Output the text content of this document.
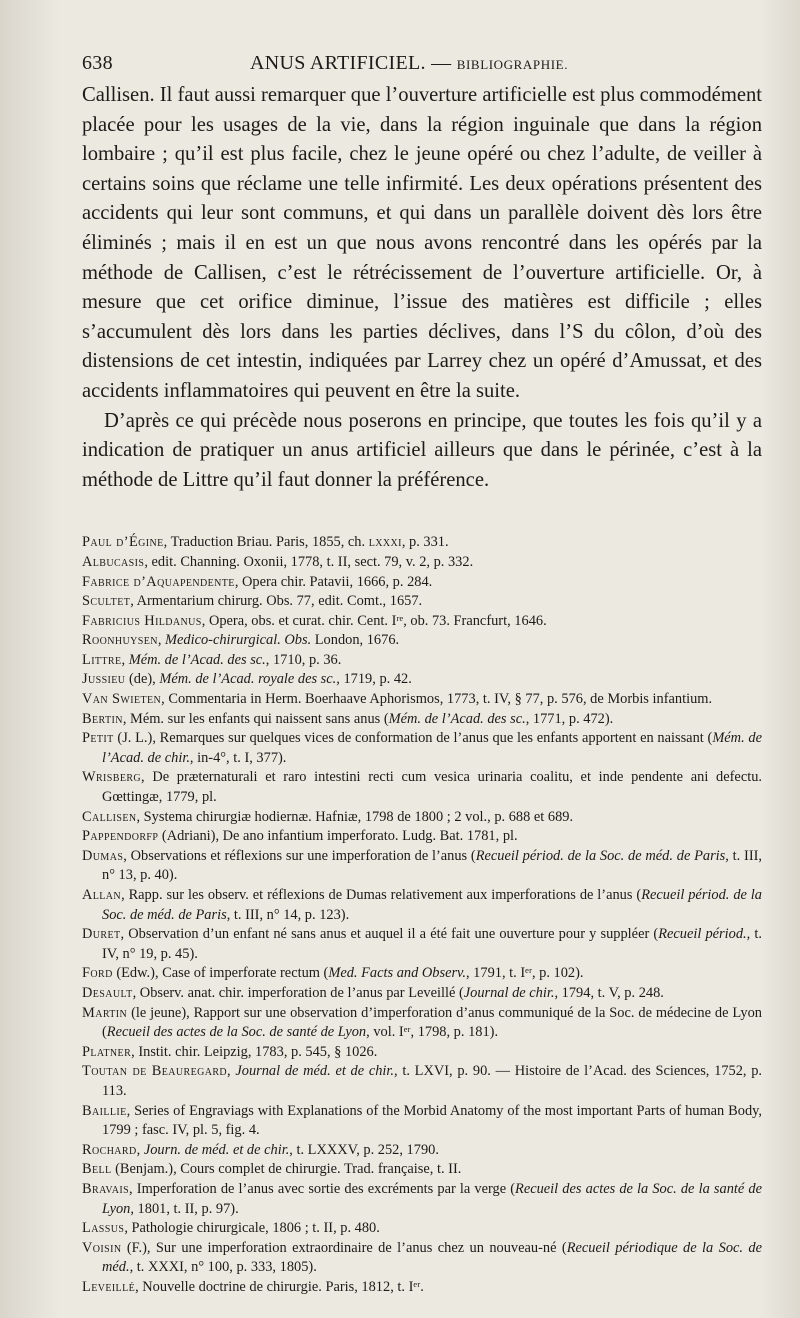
638	ANUS ARTIFICIEL. — BIBLIOGRAPHIE.

Callisen. Il faut aussi remarquer que l’ouverture artificielle est plus commodément placée pour les usages de la vie, dans la région inguinale que dans la région lombaire ; qu’il est plus facile, chez le jeune opéré ou chez l’adulte, de veiller à certains soins que réclame une telle infirmité. Les deux opérations présentent des accidents qui leur sont communs, et qui dans un parallèle doivent dès lors être éliminés ; mais il en est un que nous avons rencontré dans les opérés par la méthode de Callisen, c’est le rétrécissement de l’ouverture artificielle. Or, à mesure que cet orifice diminue, l’issue des matières est difficile ; elles s’accumulent dès lors dans les parties déclives, dans l’S du côlon, d’où des distensions de cet intestin, indiquées par Larrey chez un opéré d’Amussat, et des accidents inflammatoires qui peuvent en être la suite.

D’après ce qui précède nous poserons en principe, que toutes les fois qu’il y a indication de pratiquer un anus artificiel ailleurs que dans le périnée, c’est à la méthode de Littre qu’il faut donner la préférence.

Paul d’Égine, Traduction Briau. Paris, 1855, ch. lxxxi, p. 331.
Albucasis, edit. Channing. Oxonii, 1778, t. II, sect. 79, v. 2, p. 332.
Fabrice d’Aquapendente, Opera chir. Patavii, 1666, p. 284.
Scultet, Armentarium chirurg. Obs. 77, edit. Comt., 1657.
Fabricius Hildanus, Opera, obs. et curat. chir. Cent. Iʳᵉ, ob. 73. Francfurt, 1646.
Roonhuysen, Medico-chirurgical. Obs. London, 1676.
Littre, Mém. de l’Acad. des sc., 1710, p. 36.
Jussieu (de), Mém. de l’Acad. royale des sc., 1719, p. 42.
Van Swieten, Commentaria in Herm. Boerhaave Aphorismos, 1773, t. IV, § 77, p. 576, de Morbis infantium.
Bertin, Mém. sur les enfants qui naissent sans anus (Mém. de l’Acad. des sc., 1771, p. 472).
Petit (J. L.), Remarques sur quelques vices de conformation de l’anus que les enfants apportent en naissant (Mém. de l’Acad. de chir., in-4°, t. I, 377).
Wrisberg, De præternaturali et raro intestini recti cum vesica urinaria coalitu, et inde pendente ani defectu. Gœttingæ, 1779, pl.
Callisen, Systema chirurgiæ hodiernæ. Hafniæ, 1798 de 1800 ; 2 vol., p. 688 et 689.
Pappendorfp (Adriani), De ano infantium imperforato. Ludg. Bat. 1781, pl.
Dumas, Observations et réflexions sur une imperforation de l’anus (Recueil périod. de la Soc. de méd. de Paris, t. III, n° 13, p. 40).
Allan, Rapp. sur les observ. et réflexions de Dumas relativement aux imperforations de l’anus (Recueil périod. de la Soc. de méd. de Paris, t. III, n° 14, p. 123).
Duret, Observation d’un enfant né sans anus et auquel il a été fait une ouverture pour y suppléer (Recueil périod., t. IV, n° 19, p. 45).
Ford (Edw.), Case of imperforate rectum (Med. Facts and Observ., 1791, t. Iᵉʳ, p. 102).
Desault, Observ. anat. chir. imperforation de l’anus par Leveillé (Journal de chir., 1794, t. V, p. 248.
Martin (le jeune), Rapport sur une observation d’imperforation d’anus communiqué de la Soc. de médecine de Lyon (Recueil des actes de la Soc. de santé de Lyon, vol. Iᵉʳ, 1798, p. 181).
Platner, Instit. chir. Leipzig, 1783, p. 545, § 1026.
Toutan de Beauregard, Journal de méd. et de chir., t. LXVI, p. 90. — Histoire de l’Acad. des Sciences, 1752, p. 113.
Baillie, Series of Engraviags with Explanations of the Morbid Anatomy of the most important Parts of human Body, 1799 ; fasc. IV, pl. 5, fig. 4.
Rochard, Journ. de méd. et de chir., t. LXXXV, p. 252, 1790.
Bell (Benjam.), Cours complet de chirurgie. Trad. française, t. II.
Bravais, Imperforation de l’anus avec sortie des excréments par la verge (Recueil des actes de la Soc. de la santé de Lyon, 1801, t. II, p. 97).
Lassus, Pathologie chirurgicale, 1806 ; t. II, p. 480.
Voisin (F.), Sur une imperforation extraordinaire de l’anus chez un nouveau-né (Recueil périodique de la Soc. de méd., t. XXXI, n° 100, p. 333, 1805).
Leveillé, Nouvelle doctrine de chirurgie. Paris, 1812, t. Iᵉʳ.
